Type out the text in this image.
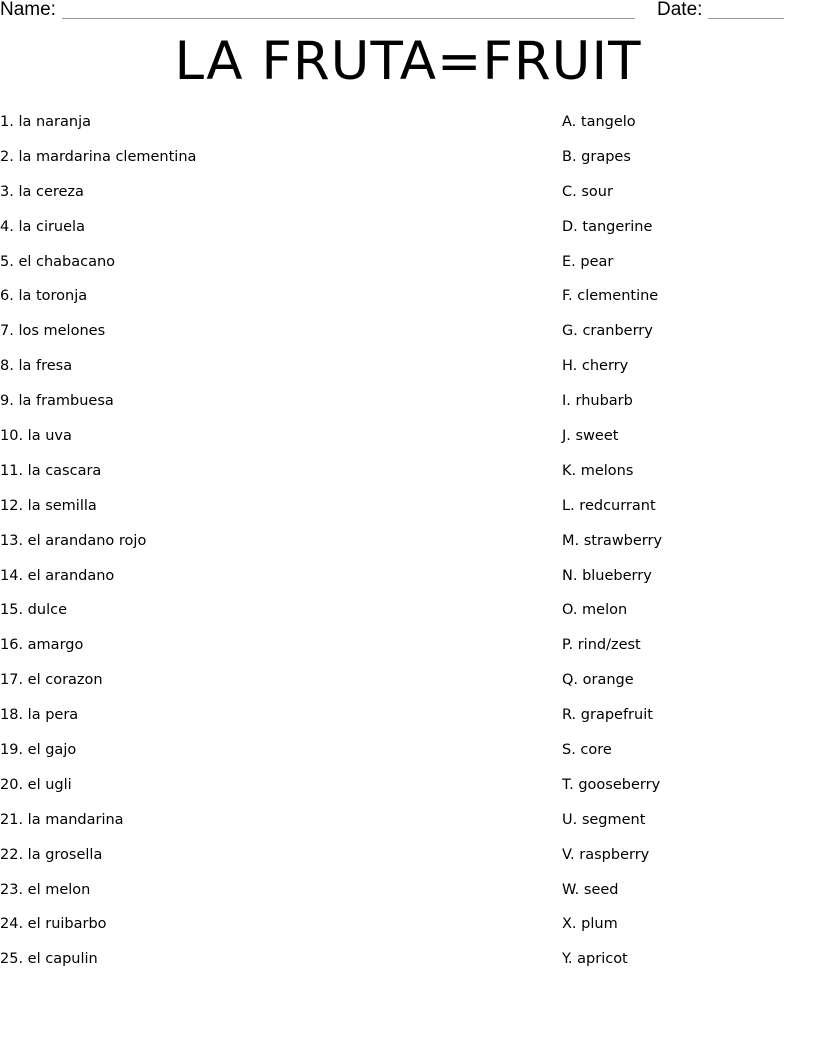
Name:	Date:
LA FRUTA=FRUIT
1. la naranja
2. la mardarina clementina
3. la cereza
4. la ciruela
5. el chabacano
6. la toronja
7. los melones
8. la fresa
9. la frambuesa
10. la uva
11. la cascara
12. la semilla
13. el arandano rojo
14. el arandano
15. dulce
16. amargo
17. el corazon
18. la pera
19. el gajo
20. el ugli
21. la mandarina
22. la grosella
23. el melon
24. el ruibarbo
25. el capulin
A. tangelo
B. grapes
C. sour
D. tangerine
E. pear
F. clementine
G. cranberry
H. cherry
I. rhubarb
J. sweet
K. melons
L. redcurrant
M. strawberry
N. blueberry
O. melon
P. rind/zest
Q. orange
R. grapefruit
S. core
T. gooseberry
U. segment
V. raspberry
W. seed
X. plum
Y. apricot
